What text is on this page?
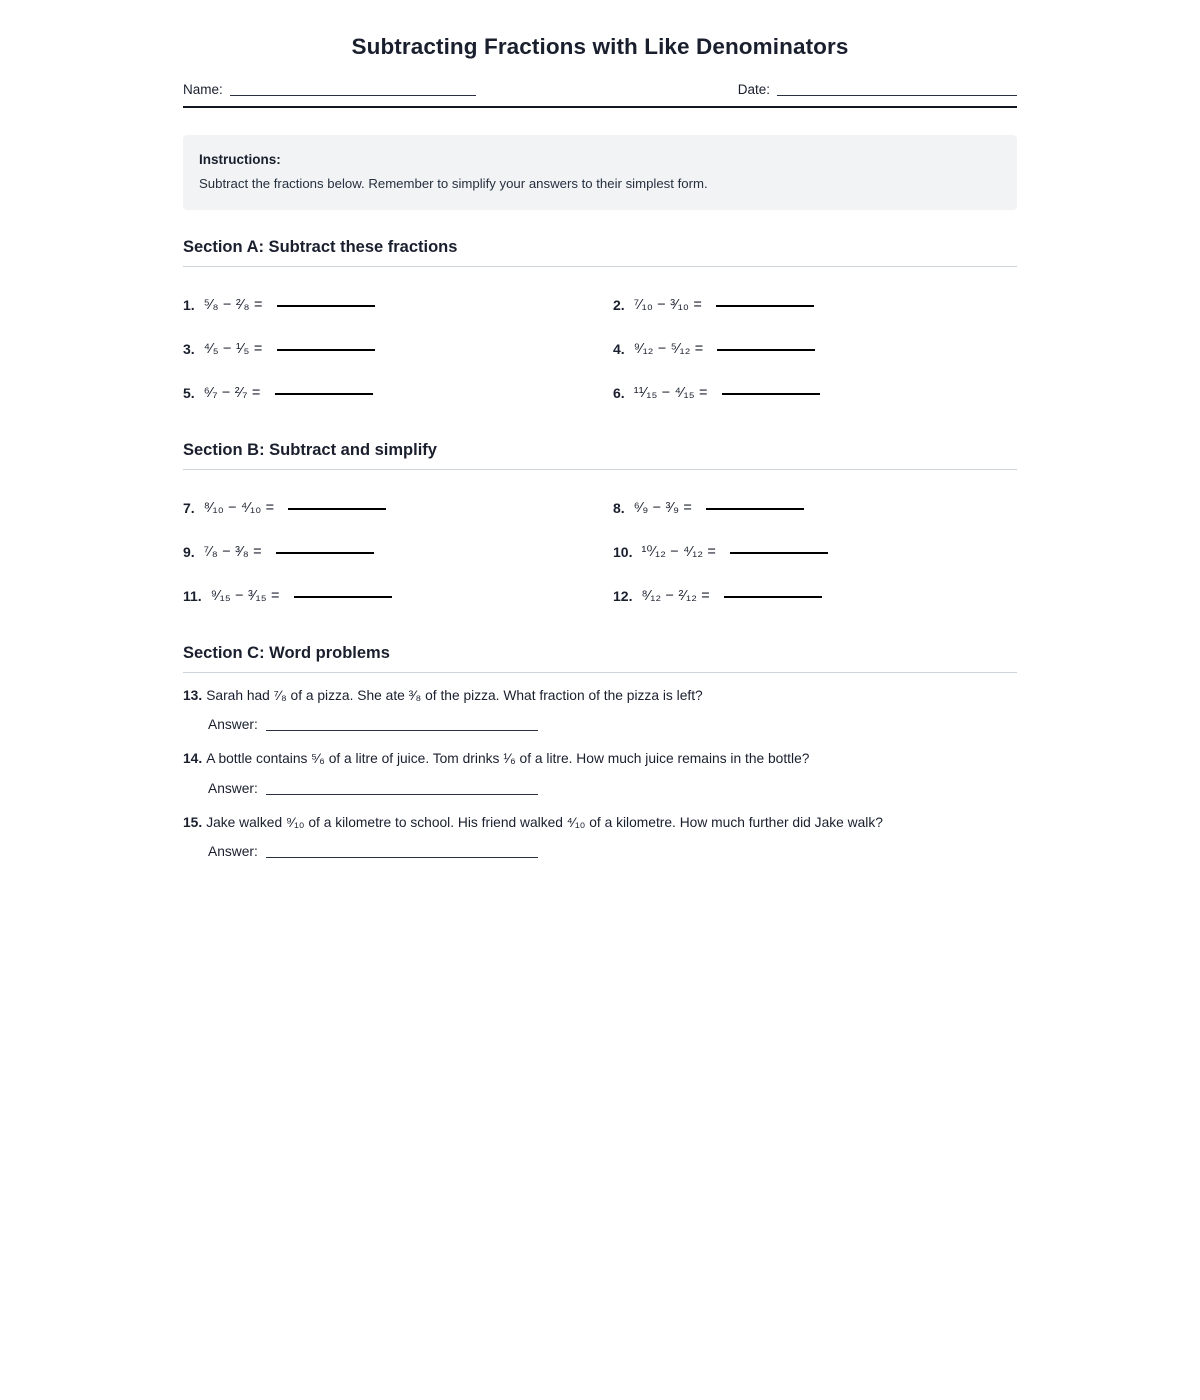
Subtracting Fractions with Like Denominators
Name:	Date:

Instructions:

Subtract the fractions below. Remember to simplify your answers to their simplest form.

Section A: Subtract these fractions
1. ⁵⁄₈ − ²⁄₈ =	2. ⁷⁄₁₀ − ³⁄₁₀ =
3. ⁴⁄₅ − ¹⁄₅ =	4. ⁹⁄₁₂ − ⁵⁄₁₂ =
5. ⁶⁄₇ − ²⁄₇ =	6. ¹¹⁄₁₅ − ⁴⁄₁₅ =
Section B: Subtract and simplify
7. ⁸⁄₁₀ − ⁴⁄₁₀ =	8. ⁶⁄₉ − ³⁄₉ =
9. ⁷⁄₈ − ³⁄₈ =	10. ¹⁰⁄₁₂ − ⁴⁄₁₂ =
11. ⁹⁄₁₅ − ³⁄₁₅ =	12. ⁸⁄₁₂ − ²⁄₁₂ =
Section C: Word problems

13. Sarah had ⁷⁄₈ of a pizza. She ate ³⁄₈ of the pizza. What fraction of the pizza is left?

Answer:

14. A bottle contains ⁵⁄₆ of a litre of juice. Tom drinks ¹⁄₆ of a litre. How much juice remains in the bottle?

Answer:

15. Jake walked ⁹⁄₁₀ of a kilometre to school. His friend walked ⁴⁄₁₀ of a kilometre. How much further did Jake walk?

Answer:
